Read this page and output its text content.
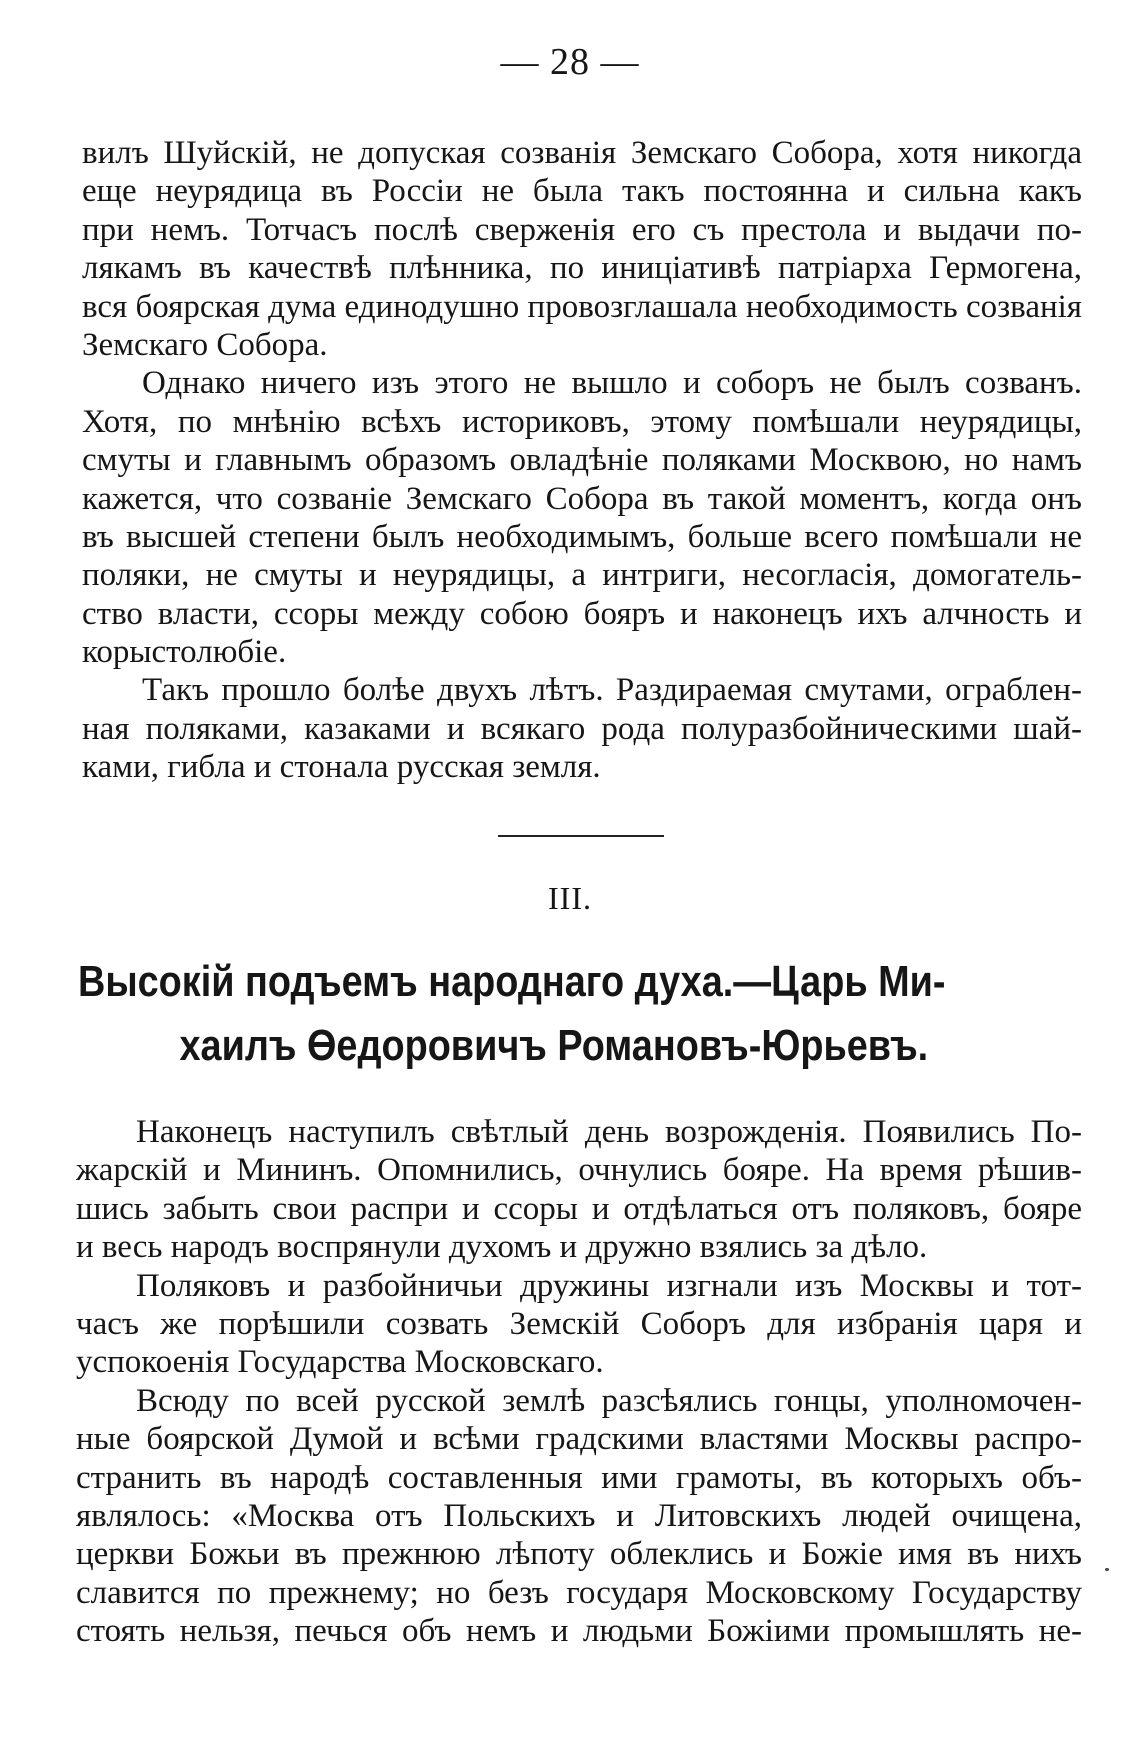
— 28 —
вилъ Шуйскій, не допуская созванія Земскаго Собора, хотя никогда
еще неурядица въ Россіи не была такъ постоянна и сильна какъ
при немъ. Тотчасъ послѣ сверженія его съ престола и выдачи по-
лякамъ въ качествѣ плѣнника, по иниціативѣ патріарха Гермогена,
вся боярская дума единодушно провозглашала необходимость созванія
Земскаго Собора.
Однако ничего изъ этого не вышло и соборъ не былъ созванъ.
Хотя, по мнѣнію всѣхъ историковъ, этому помѣшали неурядицы,
смуты и главнымъ образомъ овладѣніе поляками Москвою, но намъ
кажется, что созваніе Земскаго Собора въ такой моментъ, когда онъ
въ высшей степени былъ необходимымъ, больше всего помѣшали не
поляки, не смуты и неурядицы, а интриги, несогласія, домогатель-
ство власти, ссоры между собою бояръ и наконецъ ихъ алчность и
корыстолюбіе.
Такъ прошло болѣе двухъ лѣтъ. Раздираемая смутами, ограблен-
ная поляками, казаками и всякаго рода полуразбойническими шай-
ками, гибла и стонала русская земля.
III.
Высокій подъемъ народнаго духа.—Царь Ми-
хаилъ Өедоровичъ Романовъ-Юрьевъ.
Наконецъ наступилъ свѣтлый день возрожденія. Появились По-
жарскій и Мининъ. Опомнились, очнулись бояре. На время рѣшив-
шись забыть свои распри и ссоры и отдѣлаться отъ поляковъ, бояре
и весь народъ воспрянули духомъ и дружно взялись за дѣло.
Поляковъ и разбойничьи дружины изгнали изъ Москвы и тот-
часъ же порѣшили созвать Земскій Соборъ для избранія царя и
успокоенія Государства Московскаго.
Всюду по всей русской землѣ разсѣялись гонцы, уполномочен-
ные боярской Думой и всѣми градскими властями Москвы распро-
странить въ народѣ составленныя ими грамоты, въ которыхъ объ-
являлось: «Москва отъ Польскихъ и Литовскихъ людей очищена,
церкви Божьи въ прежнюю лѣпоту облеклись и Божіе имя въ нихъ
славится по прежнему; но безъ государя Московскому Государству
стоять нельзя, печься объ немъ и людьми Божіими промышлять не-
